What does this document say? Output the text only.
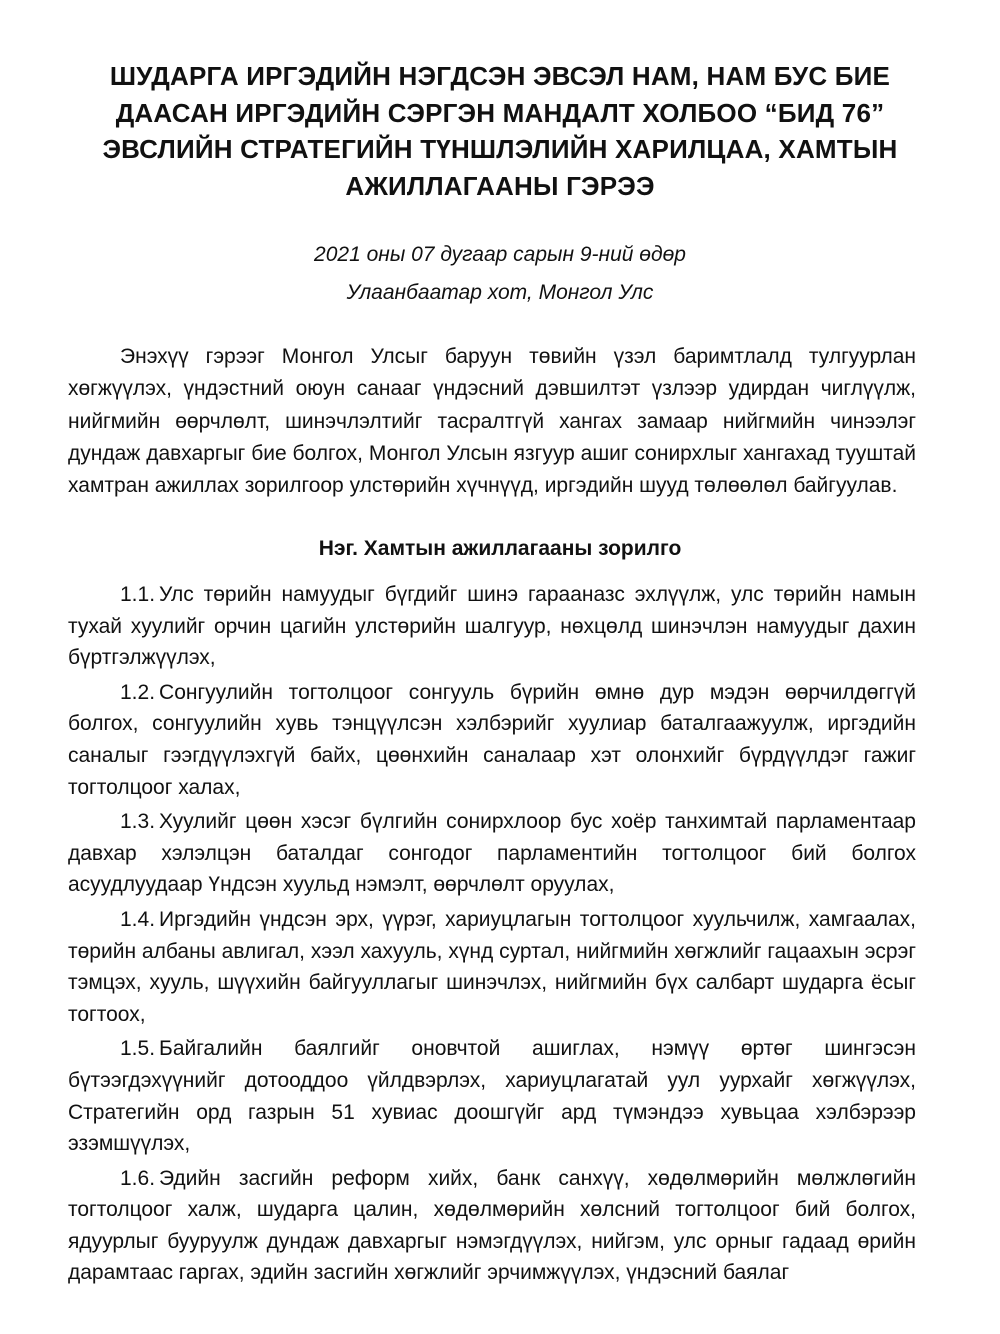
ШУДАРГА ИРГЭДИЙН НЭГДСЭН ЭВСЭЛ НАМ, НАМ БУС БИЕ
ДААСАН ИРГЭДИЙН СЭРГЭН МАНДАЛТ ХОЛБОО “БИД 76”
ЭВСЛИЙН СТРАТЕГИЙН ТҮНШЛЭЛИЙН ХАРИЛЦАА, ХАМТЫН
АЖИЛЛАГААНЫ ГЭРЭЭ
2021 оны 07 дугаар сарын 9-ний өдөр
Улаанбаатар хот, Монгол Улс

Энэхүү гэрээг Монгол Улсыг баруун төвийн үзэл баримтлалд тулгуурлан хөгжүүлэх, үндэстний оюун санааг үндэсний дэвшилтэт үзлээр удирдан чиглүүлж, нийгмийн өөрчлөлт, шинэчлэлтийг тасралтгүй хангах замаар нийгмийн чинээлэг дундаж давхаргыг бие болгох, Монгол Улсын язгуур ашиг сонирхлыг хангахад тууштай хамтран ажиллах зорилгоор улстөрийн хүчнүүд, иргэдийн шууд төлөөлөл байгуулав.

Нэг. Хамтын ажиллагааны зорилго

1.1. Улс төрийн намуудыг бүгдийг шинэ гарааназс эхлүүлж, улс төрийн намын тухай хуулийг орчин цагийн улстөрийн шалгуур, нөхцөлд шинэчлэн намуудыг дахин бүртгэлжүүлэх,

1.2. Сонгуулийн тогтолцоог сонгууль бүрийн өмнө дур мэдэн өөрчилдөггүй болгох, сонгуулийн хувь тэнцүүлсэн хэлбэрийг хуулиар баталгаажуулж, иргэдийн саналыг гээгдүүлэхгүй байх, цөөнхийн саналаар хэт олонхийг бүрдүүлдэг гажиг тогтолцоог халах,

1.3. Хуулийг цөөн хэсэг бүлгийн сонирхлоор бус хоёр танхимтай парламентаар давхар хэлэлцэн баталдаг сонгодог парламентийн тогтолцоог бий болгох асуудлуудаар Үндсэн хуульд нэмэлт, өөрчлөлт оруулах,

1.4. Иргэдийн үндсэн эрх, үүрэг, хариуцлагын тогтолцоог хуульчилж, хамгаалах, төрийн албаны авлигал, хээл хахууль, хүнд суртал, нийгмийн хөгжлийг гацаахын эсрэг тэмцэх, хууль, шүүхийн байгууллагыг шинэчлэх, нийгмийн бүх салбарт шударга ёсыг тогтоох,

1.5. Байгалийн баялгийг оновчтой ашиглах, нэмүү өртөг шингэсэн бүтээгдэхүүнийг дотооддоо үйлдвэрлэх, хариуцлагатай уул уурхайг хөгжүүлэх, Стратегийн орд газрын 51 хувиас доошгүйг ард түмэндээ хувьцаа хэлбэрээр эзэмшүүлэх,

1.6. Эдийн засгийн реформ хийх, банк санхүү, хөдөлмөрийн мөлжлөгийн тогтолцоог халж, шударга цалин, хөдөлмөрийн хөлсний тогтолцоог бий болгох, ядуурлыг бууруулж дундаж давхаргыг нэмэгдүүлэх, нийгэм, улс орныг гадаад өрийн дарамтаас гаргах, эдийн засгийн хөгжлийг эрчимжүүлэх, үндэсний баялаг
